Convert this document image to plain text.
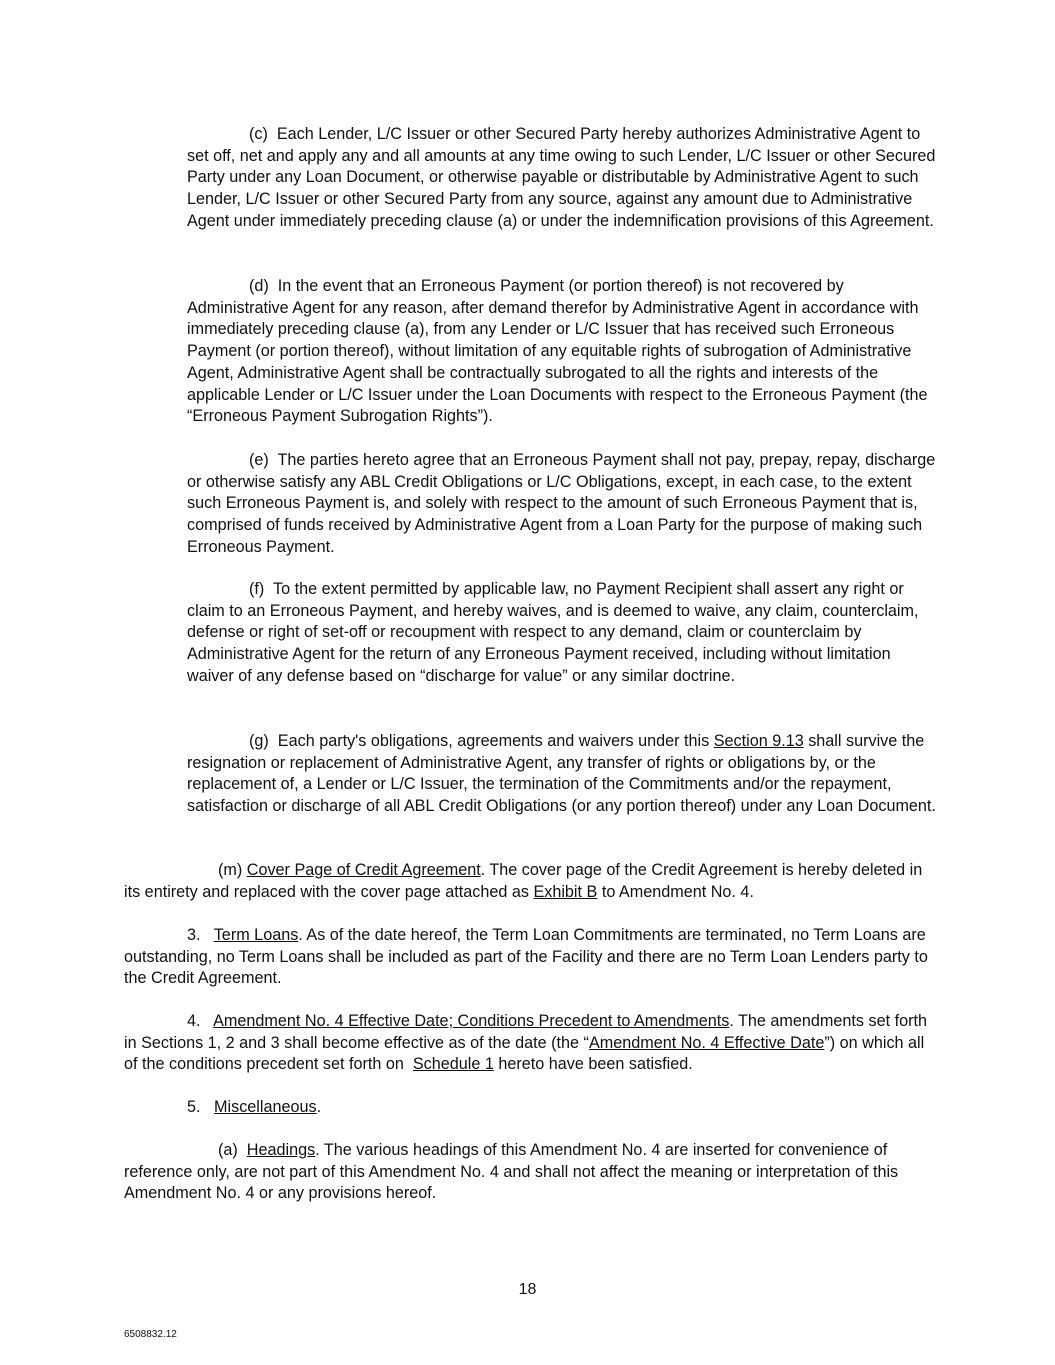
(c) Each Lender, L/C Issuer or other Secured Party hereby authorizes Administrative Agent to set off, net and apply any and all amounts at any time owing to such Lender, L/C Issuer or other Secured Party under any Loan Document, or otherwise payable or distributable by Administrative Agent to such Lender, L/C Issuer or other Secured Party from any source, against any amount due to Administrative Agent under immediately preceding clause (a) or under the indemnification provisions of this Agreement.

(d) In the event that an Erroneous Payment (or portion thereof) is not recovered by Administrative Agent for any reason, after demand therefor by Administrative Agent in accordance with immediately preceding clause (a), from any Lender or L/C Issuer that has received such Erroneous Payment (or portion thereof), without limitation of any equitable rights of subrogation of Administrative Agent, Administrative Agent shall be contractually subrogated to all the rights and interests of the applicable Lender or L/C Issuer under the Loan Documents with respect to the Erroneous Payment (the “Erroneous Payment Subrogation Rights”).

(e) The parties hereto agree that an Erroneous Payment shall not pay, prepay, repay, discharge or otherwise satisfy any ABL Credit Obligations or L/C Obligations, except, in each case, to the extent such Erroneous Payment is, and solely with respect to the amount of such Erroneous Payment that is, comprised of funds received by Administrative Agent from a Loan Party for the purpose of making such Erroneous Payment.

(f) To the extent permitted by applicable law, no Payment Recipient shall assert any right or claim to an Erroneous Payment, and hereby waives, and is deemed to waive, any claim, counterclaim, defense or right of set-off or recoupment with respect to any demand, claim or counterclaim by Administrative Agent for the return of any Erroneous Payment received, including without limitation waiver of any defense based on “discharge for value” or any similar doctrine.

(g) Each party's obligations, agreements and waivers under this Section 9.13 shall survive the resignation or replacement of Administrative Agent, any transfer of rights or obligations by, or the replacement of, a Lender or L/C Issuer, the termination of the Commitments and/or the repayment, satisfaction or discharge of all ABL Credit Obligations (or any portion thereof) under any Loan Document.

(m) Cover Page of Credit Agreement. The cover page of the Credit Agreement is hereby deleted in its entirety and replaced with the cover page attached as Exhibit B to Amendment No. 4.

3. Term Loans. As of the date hereof, the Term Loan Commitments are terminated, no Term Loans are outstanding, no Term Loans shall be included as part of the Facility and there are no Term Loan Lenders party to the Credit Agreement.

4. Amendment No. 4 Effective Date; Conditions Precedent to Amendments. The amendments set forth in Sections 1, 2 and 3 shall become effective as of the date (the “Amendment No. 4 Effective Date”) on which all of the conditions precedent set forth on Schedule 1 hereto have been satisfied.

5. Miscellaneous.

(a) Headings. The various headings of this Amendment No. 4 are inserted for convenience of reference only, are not part of this Amendment No. 4 and shall not affect the meaning or interpretation of this Amendment No. 4 or any provisions hereof.

18
6508832.12
